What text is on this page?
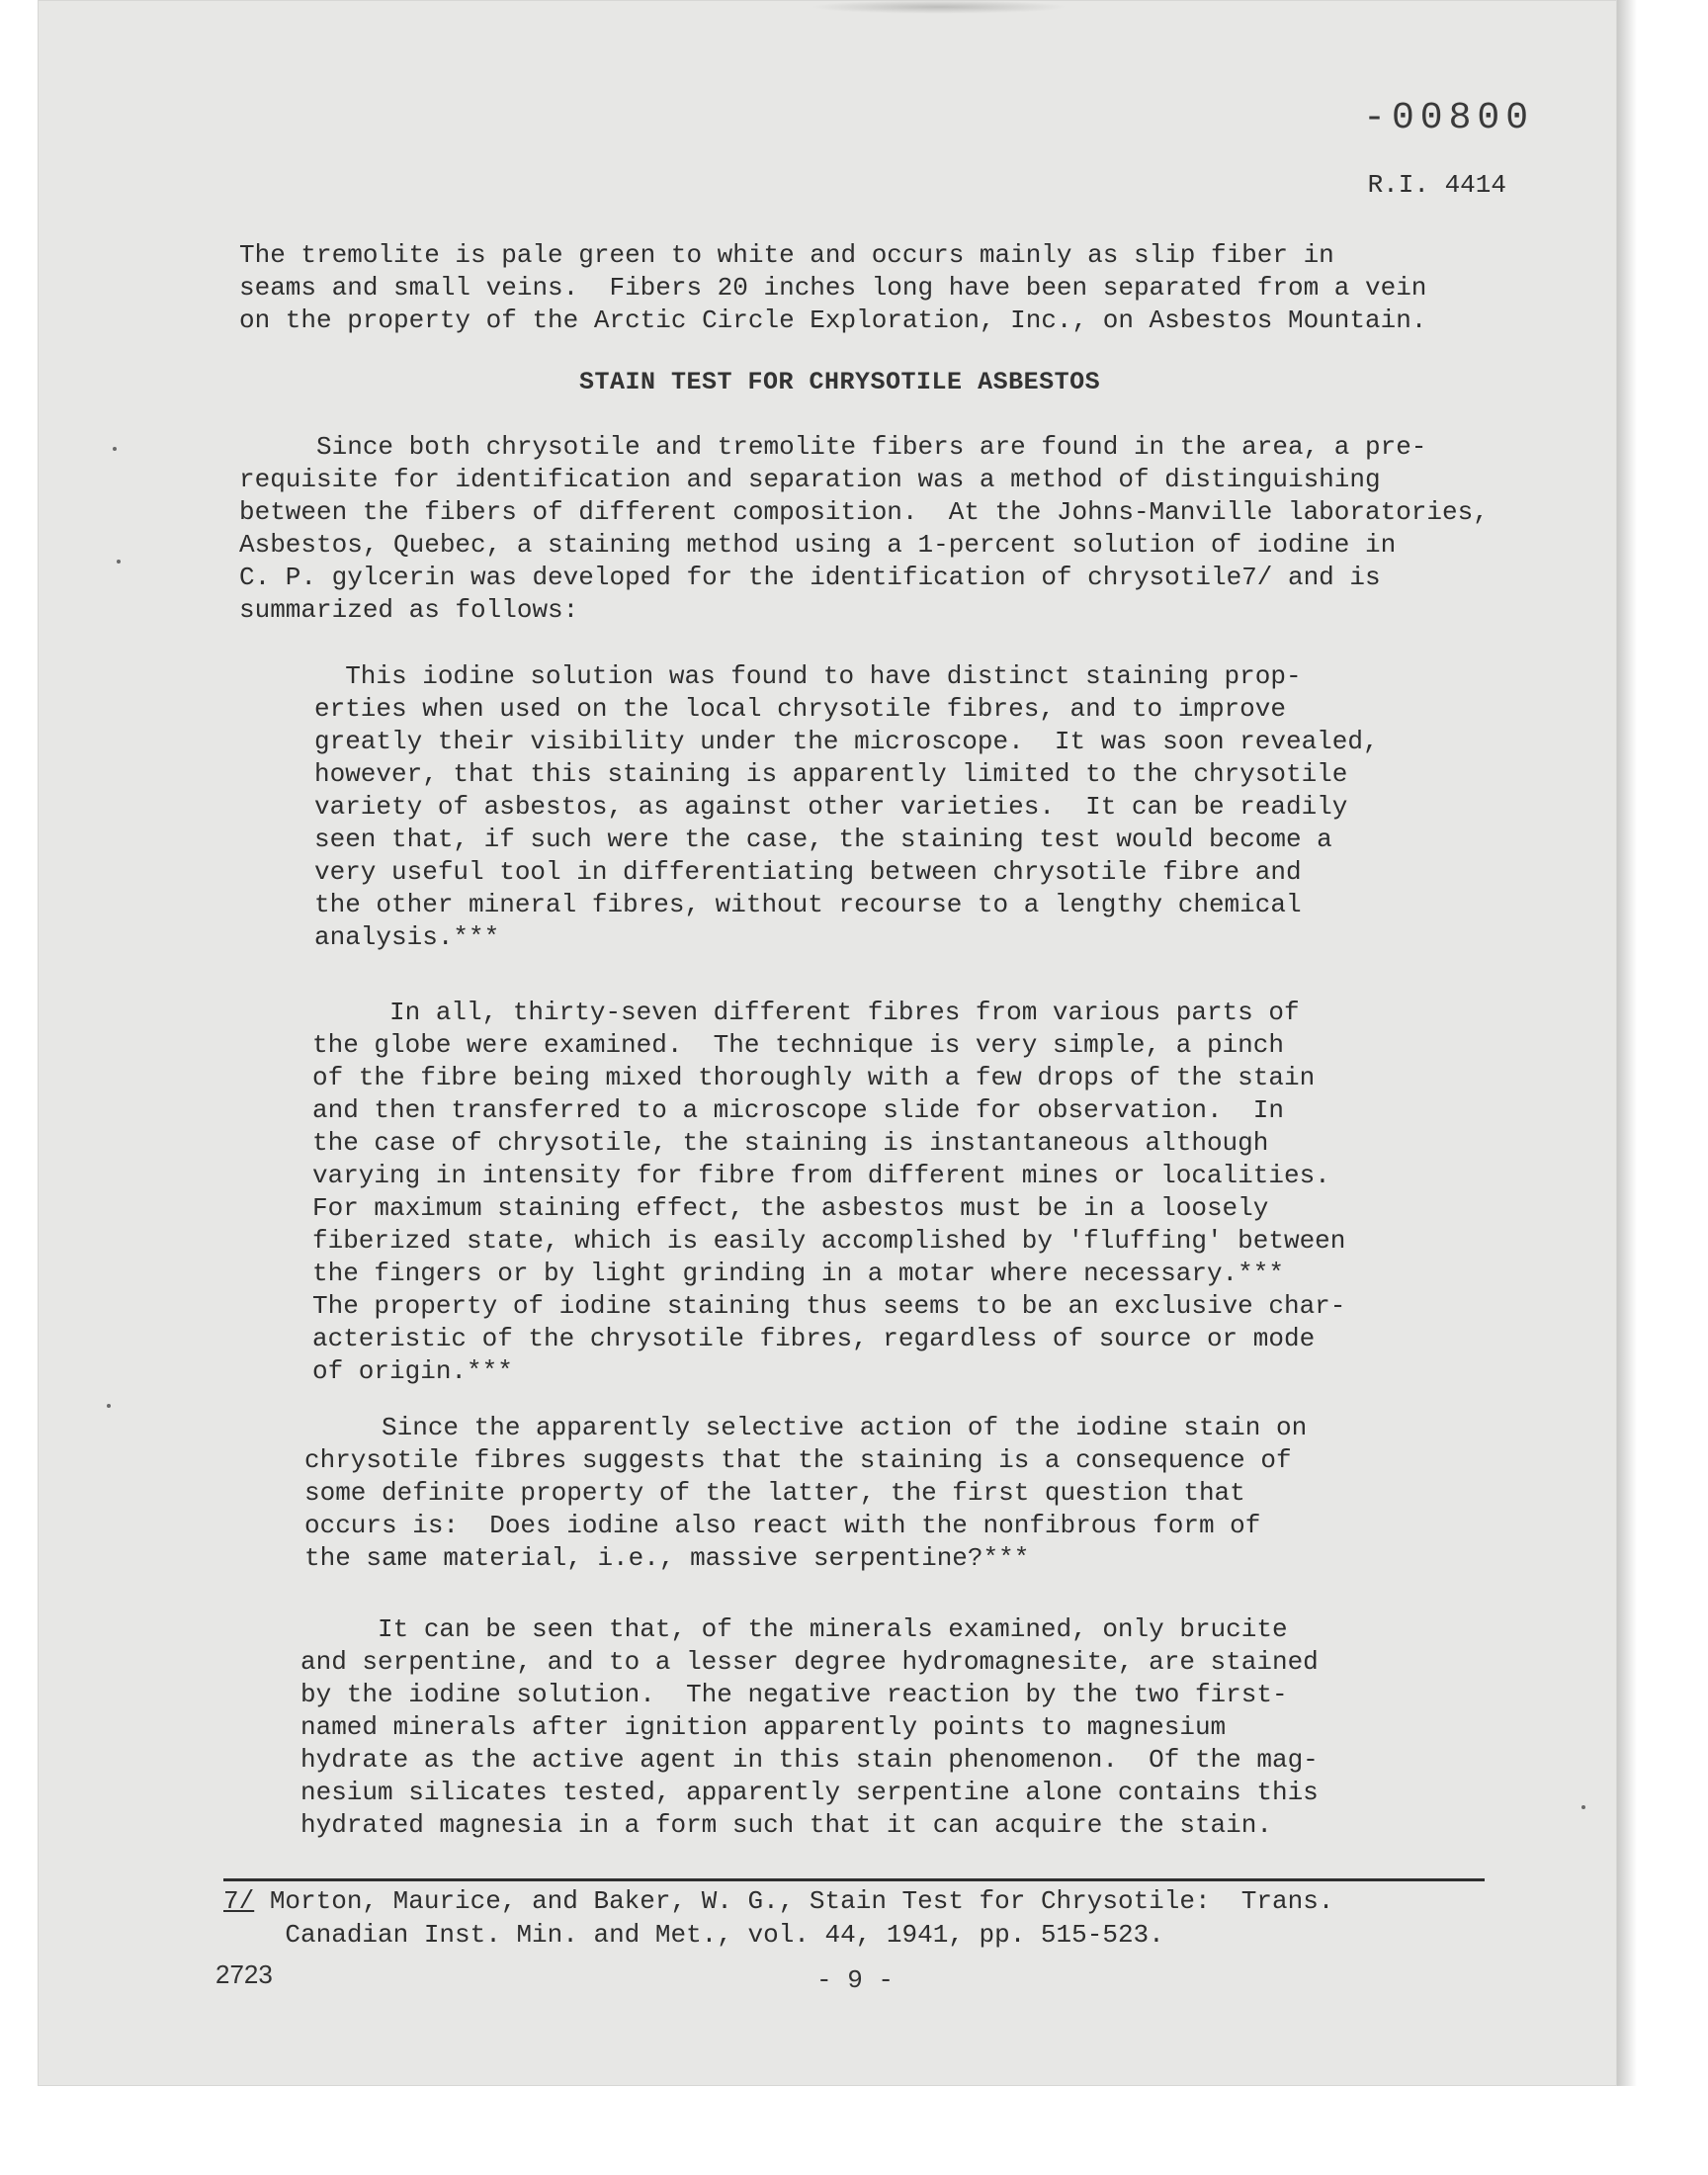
-00800
R.I. 4414

The tremolite is pale green to white and occurs mainly as slip fiber in
seams and small veins.  Fibers 20 inches long have been separated from a vein
on the property of the Arctic Circle Exploration, Inc., on Asbestos Mountain.

STAIN TEST FOR CHRYSOTILE ASBESTOS

Since both chrysotile and tremolite fibers are found in the area, a pre-
requisite for identification and separation was a method of distinguishing
between the fibers of different composition.  At the Johns-Manville laboratories,
Asbestos, Quebec, a staining method using a 1-percent solution of iodine in
C. P. gylcerin was developed for the identification of chrysotile7/ and is
summarized as follows:

This iodine solution was found to have distinct staining prop-
erties when used on the local chrysotile fibres, and to improve
greatly their visibility under the microscope.  It was soon revealed,
however, that this staining is apparently limited to the chrysotile
variety of asbestos, as against other varieties.  It can be readily
seen that, if such were the case, the staining test would become a
very useful tool in differentiating between chrysotile fibre and
the other mineral fibres, without recourse to a lengthy chemical
analysis.***

In all, thirty-seven different fibres from various parts of
the globe were examined.  The technique is very simple, a pinch
of the fibre being mixed thoroughly with a few drops of the stain
and then transferred to a microscope slide for observation.  In
the case of chrysotile, the staining is instantaneous although
varying in intensity for fibre from different mines or localities.
For maximum staining effect, the asbestos must be in a loosely
fiberized state, which is easily accomplished by 'fluffing' between
the fingers or by light grinding in a motar where necessary.***
The property of iodine staining thus seems to be an exclusive char-
acteristic of the chrysotile fibres, regardless of source or mode
of origin.***

Since the apparently selective action of the iodine stain on
chrysotile fibres suggests that the staining is a consequence of
some definite property of the latter, the first question that
occurs is:  Does iodine also react with the nonfibrous form of
the same material, i.e., massive serpentine?***

It can be seen that, of the minerals examined, only brucite
and serpentine, and to a lesser degree hydromagnesite, are stained
by the iodine solution.  The negative reaction by the two first-
named minerals after ignition apparently points to magnesium
hydrate as the active agent in this stain phenomenon.  Of the mag-
nesium silicates tested, apparently serpentine alone contains this
hydrated magnesia in a form such that it can acquire the stain.

7/ Morton, Maurice, and Baker, W. G., Stain Test for Chrysotile:  Trans.
Canadian Inst. Min. and Met., vol. 44, 1941, pp. 515-523.

2723	- 9 -
